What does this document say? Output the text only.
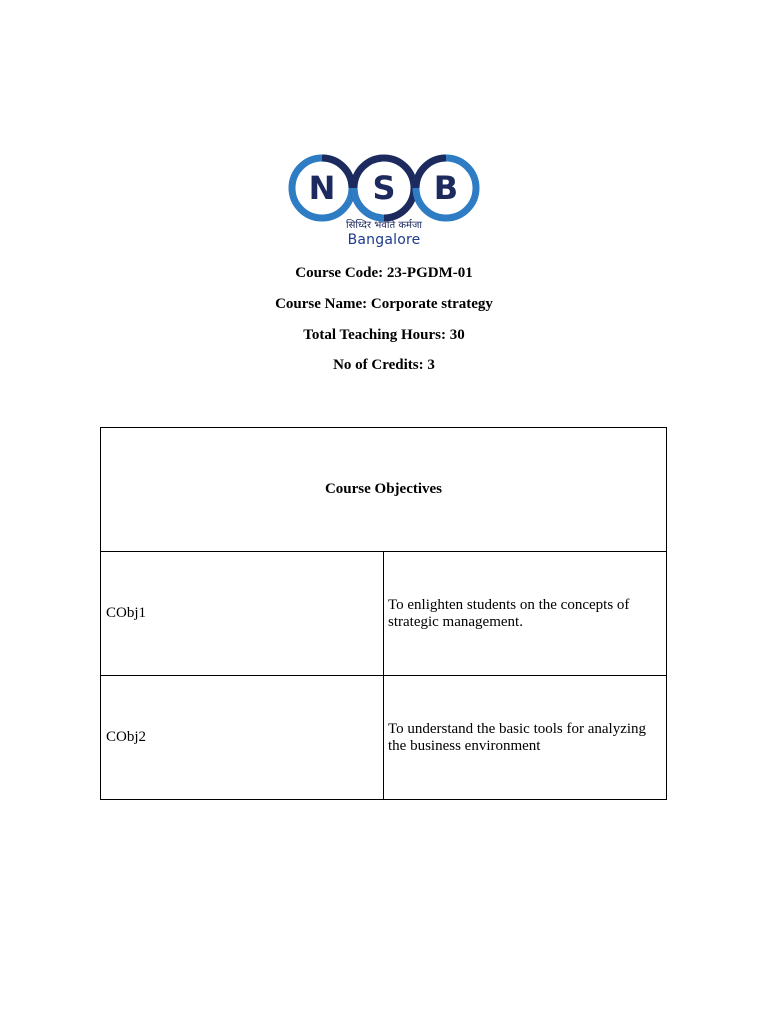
N S B
सिध्दिर भवति कर्मजा
Bangalore
Course Code: 23-PGDM-01
Course Name: Corporate strategy
Total Teaching Hours: 30
No of Credits: 3
Course Objectives	
CObj1	To enlighten students on the concepts of strategic management.
CObj2	To understand the basic tools for analyzing the business environment
